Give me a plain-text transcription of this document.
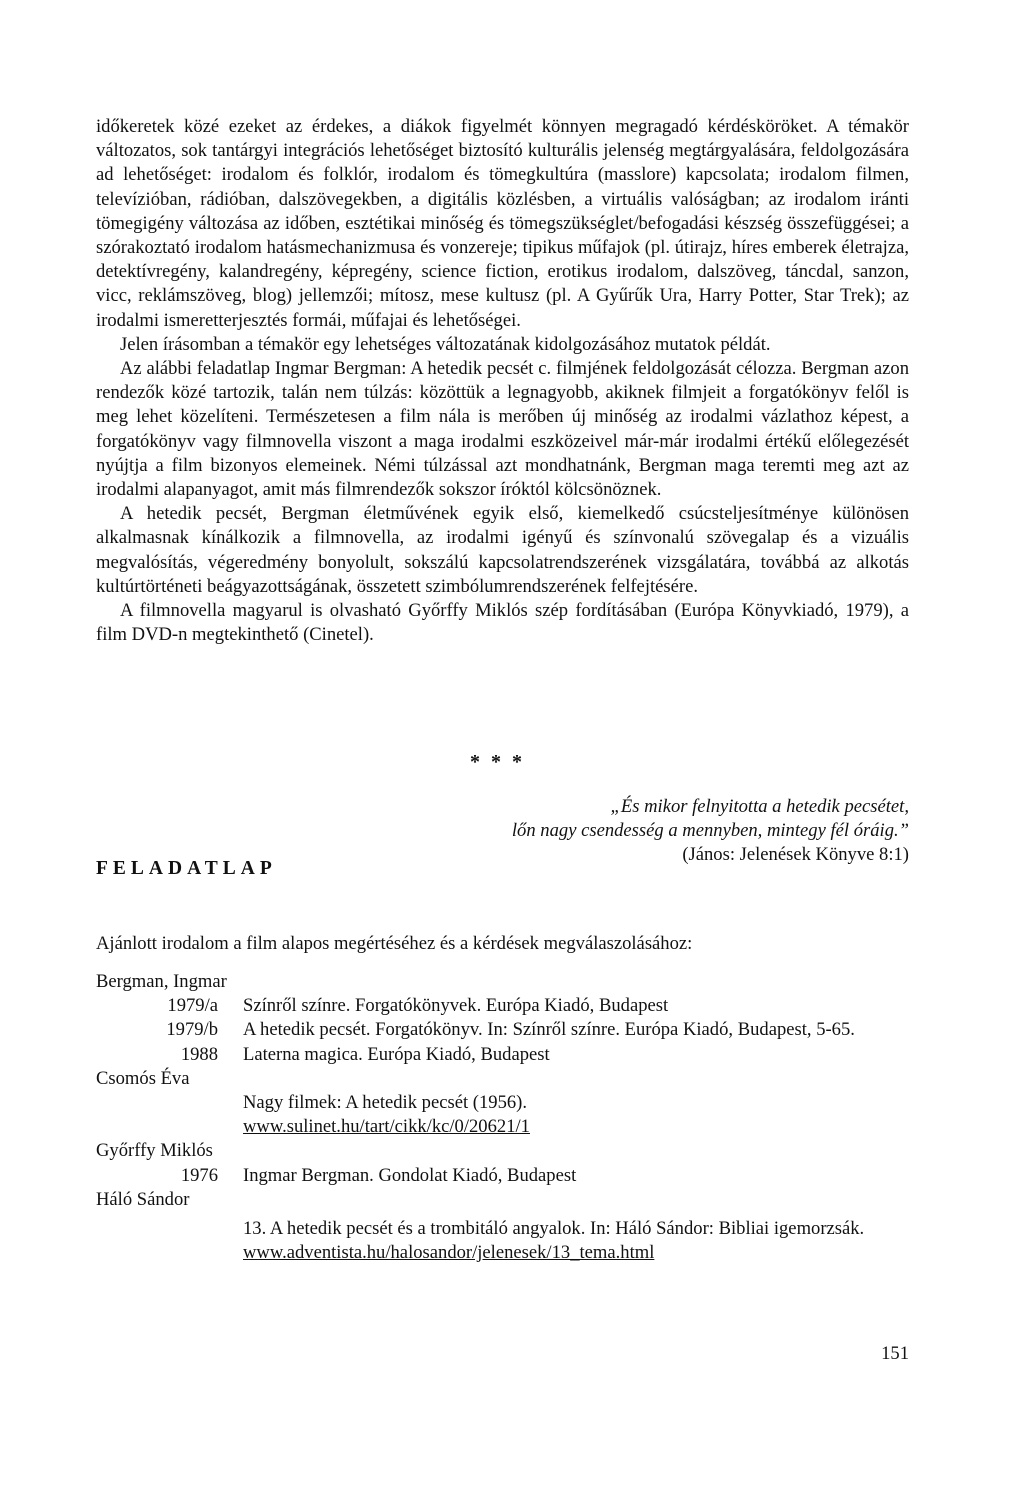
időkeretek közé ezeket az érdekes, a diákok figyelmét könnyen megragadó kérdésköröket. A témakör változatos, sok tantárgyi integrációs lehetőséget biztosító kulturális jelenség megtárgyalására, feldolgozására ad lehetőséget: irodalom és folklór, irodalom és tömegkultúra (masslore) kapcsolata; irodalom filmen, televízióban, rádióban, dalszövegekben, a digitális közlésben, a virtuális valóságban; az irodalom iránti tömegigény változása az időben, esztétikai minőség és tömegszükséglet/befogadási készség összefüggései; a szórakoztató irodalom hatásmechanizmusa és vonzereje; tipikus műfajok (pl. útirajz, híres emberek életrajza, detektívregény, kalandregény, képregény, science fiction, erotikus irodalom, dalszöveg, táncdal, sanzon, vicc, reklámszöveg, blog) jellemzői; mítosz, mese kultusz (pl. A Gyűrűk Ura, Harry Potter, Star Trek); az irodalmi ismeretterjesztés formái, műfajai és lehetőségei.

Jelen írásomban a témakör egy lehetséges változatának kidolgozásához mutatok példát.

Az alábbi feladatlap Ingmar Bergman: A hetedik pecsét c. filmjének feldolgozását célozza. Bergman azon rendezők közé tartozik, talán nem túlzás: közöttük a legnagyobb, akiknek filmjeit a forgatókönyv felől is meg lehet közelíteni. Természetesen a film nála is merőben új minőség az irodalmi vázlathoz képest, a forgatókönyv vagy filmnovella viszont a maga irodalmi eszközeivel már-már irodalmi értékű előlegezését nyújtja a film bizonyos elemeinek. Némi túlzással azt mondhatnánk, Bergman maga teremti meg azt az irodalmi alapanyagot, amit más filmrendezők sokszor íróktól kölcsönöznek.

A hetedik pecsét, Bergman életművének egyik első, kiemelkedő csúcsteljesítménye különösen alkalmasnak kínálkozik a filmnovella, az irodalmi igényű és színvonalú szövegalap és a vizuális megvalósítás, végeredmény bonyolult, sokszálú kapcsolatrendszerének vizsgálatára, továbbá az alkotás kultúrtörténeti beágyazottságának, összetett szimbólumrendszerének felfejtésére.

A filmnovella magyarul is olvasható Győrffy Miklós szép fordításában (Európa Könyvkiadó, 1979), a film DVD-n megtekinthető (Cinetel).

* * *
„És mikor felnyitotta a hetedik pecsétet,
lőn nagy csendesség a mennyben, mintegy fél óráig.”
(János: Jelenések Könyve 8:1)
FELADATLAP
Ajánlott irodalom a film alapos megértéséhez és a kérdések megválaszolásához:
Bergman, Ingmar
1979/a Színről színre. Forgatókönyvek. Európa Kiadó, Budapest
1979/b A hetedik pecsét. Forgatókönyv. In: Színről színre. Európa Kiadó, Budapest, 5-65.
1988 Laterna magica. Európa Kiadó, Budapest
Csomós Éva
Nagy filmek: A hetedik pecsét (1956).
www.sulinet.hu/tart/cikk/kc/0/20621/1
Győrffy Miklós
1976 Ingmar Bergman. Gondolat Kiadó, Budapest
Háló Sándor
13. A hetedik pecsét és a trombitáló angyalok. In: Háló Sándor: Bibliai igemorzsák.
www.adventista.hu/halosandor/jelenesek/13_tema.html
151
